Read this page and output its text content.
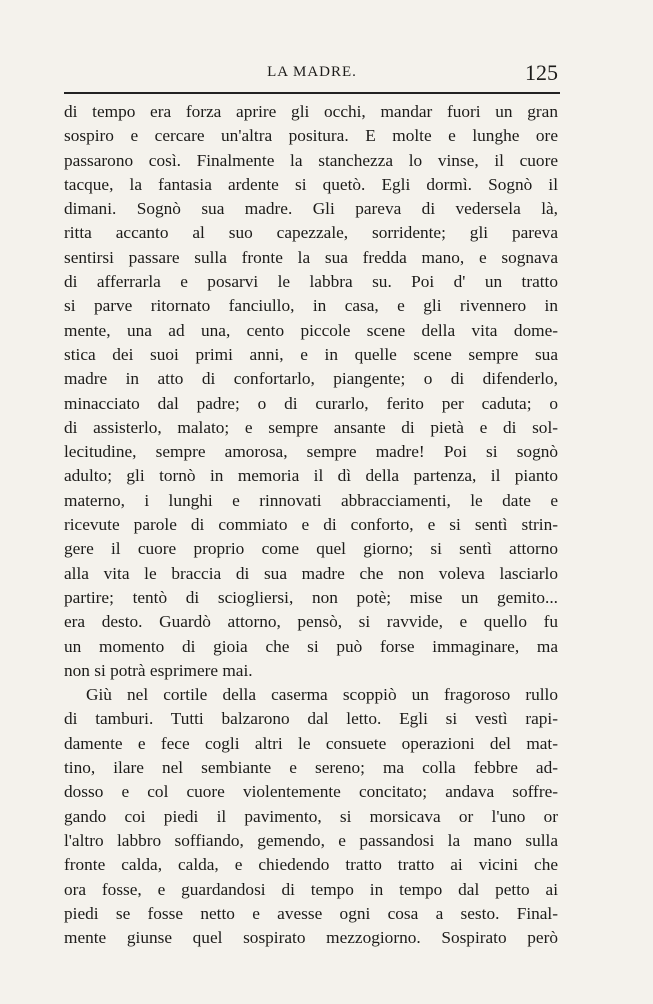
LA MADRE.	125
di tempo era forza aprire gli occhi, mandar fuori un gran
sospiro e cercare un'altra positura. E molte e lunghe ore
passarono così. Finalmente la stanchezza lo vinse, il cuore
tacque, la fantasia ardente si quetò. Egli dormì. Sognò il
dimani. Sognò sua madre. Gli pareva di vedersela là,
ritta accanto al suo capezzale, sorridente; gli pareva
sentirsi passare sulla fronte la sua fredda mano, e sognava
di afferrarla e posarvi le labbra su. Poi d' un tratto
si parve ritornato fanciullo, in casa, e gli rivennero in
mente, una ad una, cento piccole scene della vita dome-
stica dei suoi primi anni, e in quelle scene sempre sua
madre in atto di confortarlo, piangente; o di difenderlo,
minacciato dal padre; o di curarlo, ferito per caduta; o
di assisterlo, malato; e sempre ansante di pietà e di sol-
lecitudine, sempre amorosa, sempre madre! Poi si sognò
adulto; gli tornò in memoria il dì della partenza, il pianto
materno, i lunghi e rinnovati abbracciamenti, le date e
ricevute parole di commiato e di conforto, e si sentì strin-
gere il cuore proprio come quel giorno; si sentì attorno
alla vita le braccia di sua madre che non voleva lasciarlo
partire; tentò di sciogliersi, non potè; mise un gemito...
era desto. Guardò attorno, pensò, si ravvide, e quello fu
un momento di gioia che si può forse immaginare, ma
non si potrà esprimere mai.
Giù nel cortile della caserma scoppiò un fragoroso rullo
di tamburi. Tutti balzarono dal letto. Egli si vestì rapi-
damente e fece cogli altri le consuete operazioni del mat-
tino, ilare nel sembiante e sereno; ma colla febbre ad-
dosso e col cuore violentemente concitato; andava soffre-
gando coi piedi il pavimento, si morsicava or l'uno or
l'altro labbro soffiando, gemendo, e passandosi la mano sulla
fronte calda, calda, e chiedendo tratto tratto ai vicini che
ora fosse, e guardandosi di tempo in tempo dal petto ai
piedi se fosse netto e avesse ogni cosa a sesto. Final-
mente giunse quel sospirato mezzogiorno. Sospirato però
